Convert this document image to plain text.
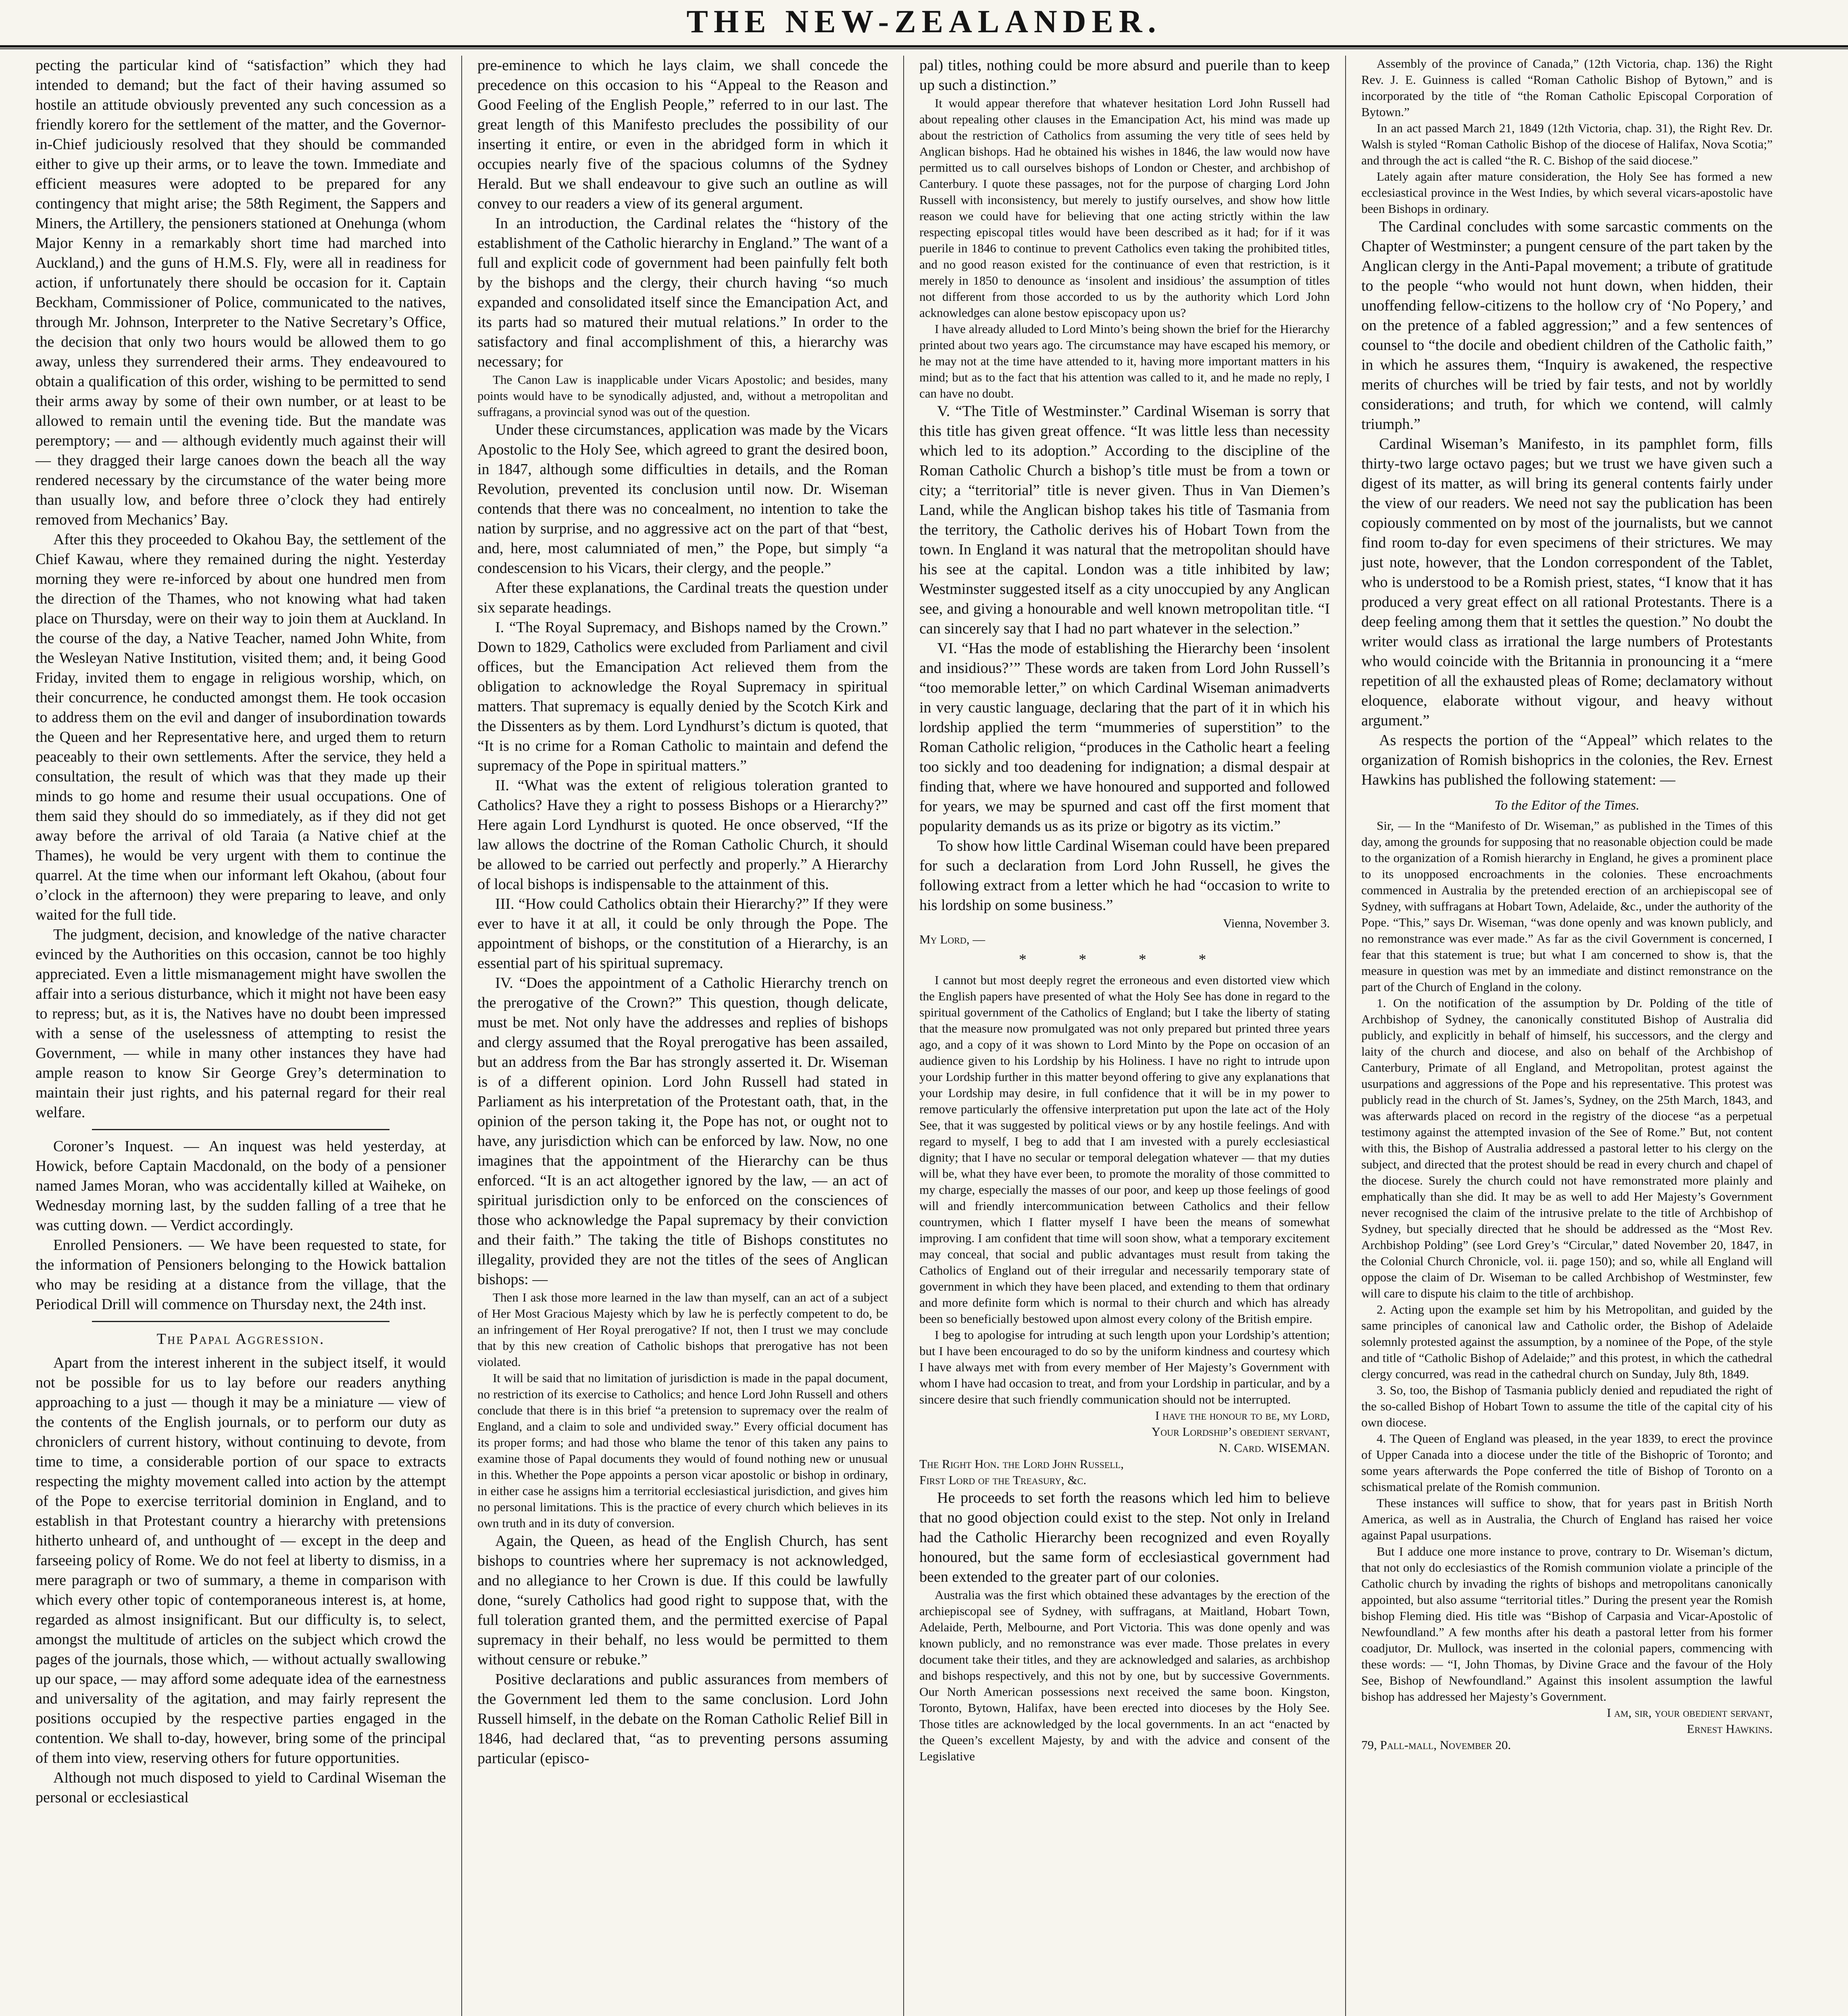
THE NEW-ZEALANDER.

pecting the particular kind of “satisfaction” which they had intended to demand; but the fact of their having assumed so hostile an attitude obviously prevented any such concession as a friendly korero for the settlement of the matter, and the Governor-in-Chief judiciously resolved that they should be commanded either to give up their arms, or to leave the town. Immediate and efficient measures were adopted to be prepared for any contingency that might arise; the 58th Regiment, the Sappers and Miners, the Artillery, the pensioners stationed at Onehunga (whom Major Kenny in a remarkably short time had marched into Auckland,) and the guns of H.M.S. Fly, were all in readiness for action, if unfortunately there should be occasion for it. Captain Beckham, Commissioner of Police, communicated to the natives, through Mr. Johnson, Interpreter to the Native Secretary’s Office, the decision that only two hours would be allowed them to go away, unless they surrendered their arms. They endeavoured to obtain a qualification of this order, wishing to be permitted to send their arms away by some of their own number, or at least to be allowed to remain until the evening tide. But the mandate was peremptory; — and — although evidently much against their will — they dragged their large canoes down the beach all the way rendered necessary by the circumstance of the water being more than usually low, and before three o’clock they had entirely removed from Mechanics’ Bay.

After this they proceeded to Okahou Bay, the settlement of the Chief Kawau, where they remained during the night. Yesterday morning they were re-inforced by about one hundred men from the direction of the Thames, who not knowing what had taken place on Thursday, were on their way to join them at Auckland. In the course of the day, a Native Teacher, named John White, from the Wesleyan Native Institution, visited them; and, it being Good Friday, invited them to engage in religious worship, which, on their concurrence, he conducted amongst them. He took occasion to address them on the evil and danger of insubordination towards the Queen and her Representative here, and urged them to return peaceably to their own settlements. After the service, they held a consultation, the result of which was that they made up their minds to go home and resume their usual occupations. One of them said they should do so immediately, as if they did not get away before the arrival of old Taraia (a Native chief at the Thames), he would be very urgent with them to continue the quarrel. At the time when our informant left Okahou, (about four o’clock in the afternoon) they were preparing to leave, and only waited for the full tide.

The judgment, decision, and knowledge of the native character evinced by the Authorities on this occasion, cannot be too highly appreciated. Even a little mismanagement might have swollen the affair into a serious disturbance, which it might not have been easy to repress; but, as it is, the Natives have no doubt been impressed with a sense of the uselessness of attempting to resist the Government, — while in many other instances they have had ample reason to know Sir George Grey’s determination to maintain their just rights, and his paternal regard for their real welfare.

Coroner’s Inquest. — An inquest was held yesterday, at Howick, before Captain Macdonald, on the body of a pensioner named James Moran, who was accidentally killed at Waiheke, on Wednesday morning last, by the sudden falling of a tree that he was cutting down. — Verdict accordingly.

Enrolled Pensioners. — We have been requested to state, for the information of Pensioners belonging to the Howick battalion who may be residing at a distance from the village, that the Periodical Drill will commence on Thursday next, the 24th inst.

The Papal Aggression.

Apart from the interest inherent in the subject itself, it would not be possible for us to lay before our readers anything approaching to a just — though it may be a miniature — view of the contents of the English journals, or to perform our duty as chroniclers of current history, without continuing to devote, from time to time, a considerable portion of our space to extracts respecting the mighty movement called into action by the attempt of the Pope to exercise territorial dominion in England, and to establish in that Protestant country a hierarchy with pretensions hitherto unheard of, and unthought of — except in the deep and farseeing policy of Rome. We do not feel at liberty to dismiss, in a mere paragraph or two of summary, a theme in comparison with which every other topic of contemporaneous interest is, at home, regarded as almost insignificant. But our difficulty is, to select, amongst the multitude of articles on the subject which crowd the pages of the journals, those which, — without actually swallowing up our space, — may afford some adequate idea of the earnestness and universality of the agitation, and may fairly represent the positions occupied by the respective parties engaged in the contention. We shall to-day, however, bring some of the principal of them into view, reserving others for future opportunities.

Although not much disposed to yield to Cardinal Wiseman the personal or ecclesiastical

pre-eminence to which he lays claim, we shall concede the precedence on this occasion to his “Appeal to the Reason and Good Feeling of the English People,” referred to in our last. The great length of this Manifesto precludes the possibility of our inserting it entire, or even in the abridged form in which it occupies nearly five of the spacious columns of the Sydney Herald. But we shall endeavour to give such an outline as will convey to our readers a view of its general argument.

In an introduction, the Cardinal relates the “history of the establishment of the Catholic hierarchy in England.” The want of a full and explicit code of government had been painfully felt both by the bishops and the clergy, their church having “so much expanded and consolidated itself since the Emancipation Act, and its parts had so matured their mutual relations.” In order to the satisfactory and final accomplishment of this, a hierarchy was necessary; for

The Canon Law is inapplicable under Vicars Apostolic; and besides, many points would have to be synodically adjusted, and, without a metropolitan and suffragans, a provincial synod was out of the question.

Under these circumstances, application was made by the Vicars Apostolic to the Holy See, which agreed to grant the desired boon, in 1847, although some difficulties in details, and the Roman Revolution, prevented its conclusion until now. Dr. Wiseman contends that there was no concealment, no intention to take the nation by surprise, and no aggressive act on the part of that “best, and, here, most calumniated of men,” the Pope, but simply “a condescension to his Vicars, their clergy, and the people.”

After these explanations, the Cardinal treats the question under six separate headings.

I. “The Royal Supremacy, and Bishops named by the Crown.” Down to 1829, Catholics were excluded from Parliament and civil offices, but the Emancipation Act relieved them from the obligation to acknowledge the Royal Supremacy in spiritual matters. That supremacy is equally denied by the Scotch Kirk and the Dissenters as by them. Lord Lyndhurst’s dictum is quoted, that “It is no crime for a Roman Catholic to maintain and defend the supremacy of the Pope in spiritual matters.”

II. “What was the extent of religious toleration granted to Catholics? Have they a right to possess Bishops or a Hierarchy?” Here again Lord Lyndhurst is quoted. He once observed, “If the law allows the doctrine of the Roman Catholic Church, it should be allowed to be carried out perfectly and properly.” A Hierarchy of local bishops is indispensable to the attainment of this.

III. “How could Catholics obtain their Hierarchy?” If they were ever to have it at all, it could be only through the Pope. The appointment of bishops, or the constitution of a Hierarchy, is an essential part of his spiritual supremacy.

IV. “Does the appointment of a Catholic Hierarchy trench on the prerogative of the Crown?” This question, though delicate, must be met. Not only have the addresses and replies of bishops and clergy assumed that the Royal prerogative has been assailed, but an address from the Bar has strongly asserted it. Dr. Wiseman is of a different opinion. Lord John Russell had stated in Parliament as his interpretation of the Protestant oath, that, in the opinion of the person taking it, the Pope has not, or ought not to have, any jurisdiction which can be enforced by law. Now, no one imagines that the appointment of the Hierarchy can be thus enforced. “It is an act altogether ignored by the law, — an act of spiritual jurisdiction only to be enforced on the consciences of those who acknowledge the Papal supremacy by their conviction and their faith.” The taking the title of Bishops constitutes no illegality, provided they are not the titles of the sees of Anglican bishops: —

Then I ask those more learned in the law than myself, can an act of a subject of Her Most Gracious Majesty which by law he is perfectly competent to do, be an infringement of Her Royal prerogative? If not, then I trust we may conclude that by this new creation of Catholic bishops that prerogative has not been violated.

It will be said that no limitation of jurisdiction is made in the papal document, no restriction of its exercise to Catholics; and hence Lord John Russell and others conclude that there is in this brief “a pretension to supremacy over the realm of England, and a claim to sole and undivided sway.” Every official document has its proper forms; and had those who blame the tenor of this taken any pains to examine those of Papal documents they would of found nothing new or unusual in this. Whether the Pope appoints a person vicar apostolic or bishop in ordinary, in either case he assigns him a territorial ecclesiastical jurisdiction, and gives him no personal limitations. This is the practice of every church which believes in its own truth and in its duty of conversion.

Again, the Queen, as head of the English Church, has sent bishops to countries where her supremacy is not acknowledged, and no allegiance to her Crown is due. If this could be lawfully done, “surely Catholics had good right to suppose that, with the full toleration granted them, and the permitted exercise of Papal supremacy in their behalf, no less would be permitted to them without censure or rebuke.”

Positive declarations and public assurances from members of the Government led them to the same conclusion. Lord John Russell himself, in the debate on the Roman Catholic Relief Bill in 1846, had declared that, “as to preventing persons assuming particular (episco-

pal) titles, nothing could be more absurd and puerile than to keep up such a distinction.”

It would appear therefore that whatever hesitation Lord John Russell had about repealing other clauses in the Emancipation Act, his mind was made up about the restriction of Catholics from assuming the very title of sees held by Anglican bishops. Had he obtained his wishes in 1846, the law would now have permitted us to call ourselves bishops of London or Chester, and archbishop of Canterbury. I quote these passages, not for the purpose of charging Lord John Russell with inconsistency, but merely to justify ourselves, and show how little reason we could have for believing that one acting strictly within the law respecting episcopal titles would have been described as it had; for if it was puerile in 1846 to continue to prevent Catholics even taking the prohibited titles, and no good reason existed for the continuance of even that restriction, is it merely in 1850 to denounce as ‘insolent and insidious’ the assumption of titles not different from those accorded to us by the authority which Lord John acknowledges can alone bestow episcopacy upon us?

I have already alluded to Lord Minto’s being shown the brief for the Hierarchy printed about two years ago. The circumstance may have escaped his memory, or he may not at the time have attended to it, having more important matters in his mind; but as to the fact that his attention was called to it, and he made no reply, I can have no doubt.

V. “The Title of Westminster.” Cardinal Wiseman is sorry that this title has given great offence. “It was little less than necessity which led to its adoption.” According to the discipline of the Roman Catholic Church a bishop’s title must be from a town or city; a “territorial” title is never given. Thus in Van Diemen’s Land, while the Anglican bishop takes his title of Tasmania from the territory, the Catholic derives his of Hobart Town from the town. In England it was natural that the metropolitan should have his see at the capital. London was a title inhibited by law; Westminster suggested itself as a city unoccupied by any Anglican see, and giving a honourable and well known metropolitan title. “I can sincerely say that I had no part whatever in the selection.”

VI. “Has the mode of establishing the Hierarchy been ‘insolent and insidious?’” These words are taken from Lord John Russell’s “too memorable letter,” on which Cardinal Wiseman animadverts in very caustic language, declaring that the part of it in which his lordship applied the term “mummeries of superstition” to the Roman Catholic religion, “produces in the Catholic heart a feeling too sickly and too deadening for indignation; a dismal despair at finding that, where we have honoured and supported and followed for years, we may be spurned and cast off the first moment that popularity demands us as its prize or bigotry as its victim.”

To show how little Cardinal Wiseman could have been prepared for such a declaration from Lord John Russell, he gives the following extract from a letter which he had “occasion to write to his lordship on some business.”

Vienna, November 3.
My Lord, —
* * * *

I cannot but most deeply regret the erroneous and even distorted view which the English papers have presented of what the Holy See has done in regard to the spiritual government of the Catholics of England; but I take the liberty of stating that the measure now promulgated was not only prepared but printed three years ago, and a copy of it was shown to Lord Minto by the Pope on occasion of an audience given to his Lordship by his Holiness. I have no right to intrude upon your Lordship further in this matter beyond offering to give any explanations that your Lordship may desire, in full confidence that it will be in my power to remove particularly the offensive interpretation put upon the late act of the Holy See, that it was suggested by political views or by any hostile feelings. And with regard to myself, I beg to add that I am invested with a purely ecclesiastical dignity; that I have no secular or temporal delegation whatever — that my duties will be, what they have ever been, to promote the morality of those committed to my charge, especially the masses of our poor, and keep up those feelings of good will and friendly intercommunication between Catholics and their fellow countrymen, which I flatter myself I have been the means of somewhat improving. I am confident that time will soon show, what a temporary excitement may conceal, that social and public advantages must result from taking the Catholics of England out of their irregular and necessarily temporary state of government in which they have been placed, and extending to them that ordinary and more definite form which is normal to their church and which has already been so beneficially bestowed upon almost every colony of the British empire.

I beg to apologise for intruding at such length upon your Lordship’s attention; but I have been encouraged to do so by the uniform kindness and courtesy which I have always met with from every member of Her Majesty’s Government with whom I have had occasion to treat, and from your Lordship in particular, and by a sincere desire that such friendly communication should not be interrupted.

I have the honour to be, my Lord,
Your Lordship’s obedient servant,
N. Card. WISEMAN.
The Right Hon. the Lord John Russell,
First Lord of the Treasury, &c.

He proceeds to set forth the reasons which led him to believe that no good objection could exist to the step. Not only in Ireland had the Catholic Hierarchy been recognized and even Royally honoured, but the same form of ecclesiastical government had been extended to the greater part of our colonies.

Australia was the first which obtained these advantages by the erection of the archiepiscopal see of Sydney, with suffragans, at Maitland, Hobart Town, Adelaide, Perth, Melbourne, and Port Victoria. This was done openly and was known publicly, and no remonstrance was ever made. Those prelates in every document take their titles, and they are acknowledged and salaries, as archbishop and bishops respectively, and this not by one, but by successive Governments. Our North American possessions next received the same boon. Kingston, Toronto, Bytown, Halifax, have been erected into dioceses by the Holy See. Those titles are acknowledged by the local governments. In an act “enacted by the Queen’s excellent Majesty, by and with the advice and consent of the Legislative

Assembly of the province of Canada,” (12th Victoria, chap. 136) the Right Rev. J. E. Guinness is called “Roman Catholic Bishop of Bytown,” and is incorporated by the title of “the Roman Catholic Episcopal Corporation of Bytown.”

In an act passed March 21, 1849 (12th Victoria, chap. 31), the Right Rev. Dr. Walsh is styled “Roman Catholic Bishop of the diocese of Halifax, Nova Scotia;” and through the act is called “the R. C. Bishop of the said diocese.”

Lately again after mature consideration, the Holy See has formed a new ecclesiastical province in the West Indies, by which several vicars-apostolic have been Bishops in ordinary.

The Cardinal concludes with some sarcastic comments on the Chapter of Westminster; a pungent censure of the part taken by the Anglican clergy in the Anti-Papal movement; a tribute of gratitude to the people “who would not hunt down, when hidden, their unoffending fellow-citizens to the hollow cry of ‘No Popery,’ and on the pretence of a fabled aggression;” and a few sentences of counsel to “the docile and obedient children of the Catholic faith,” in which he assures them, “Inquiry is awakened, the respective merits of churches will be tried by fair tests, and not by worldly considerations; and truth, for which we contend, will calmly triumph.”

Cardinal Wiseman’s Manifesto, in its pamphlet form, fills thirty-two large octavo pages; but we trust we have given such a digest of its matter, as will bring its general contents fairly under the view of our readers. We need not say the publication has been copiously commented on by most of the journalists, but we cannot find room to-day for even specimens of their strictures. We may just note, however, that the London correspondent of the Tablet, who is understood to be a Romish priest, states, “I know that it has produced a very great effect on all rational Protestants. There is a deep feeling among them that it settles the question.” No doubt the writer would class as irrational the large numbers of Protestants who would coincide with the Britannia in pronouncing it a “mere repetition of all the exhausted pleas of Rome; declamatory without eloquence, elaborate without vigour, and heavy without argument.”

As respects the portion of the “Appeal” which relates to the organization of Romish bishoprics in the colonies, the Rev. Ernest Hawkins has published the following statement: —

To the Editor of the Times.

Sir, — In the “Manifesto of Dr. Wiseman,” as published in the Times of this day, among the grounds for supposing that no reasonable objection could be made to the organization of a Romish hierarchy in England, he gives a prominent place to its unopposed encroachments in the colonies. These encroachments commenced in Australia by the pretended erection of an archiepiscopal see of Sydney, with suffragans at Hobart Town, Adelaide, &c., under the authority of the Pope. “This,” says Dr. Wiseman, “was done openly and was known publicly, and no remonstrance was ever made.” As far as the civil Government is concerned, I fear that this statement is true; but what I am concerned to show is, that the measure in question was met by an immediate and distinct remonstrance on the part of the Church of England in the colony.

1. On the notification of the assumption by Dr. Polding of the title of Archbishop of Sydney, the canonically constituted Bishop of Australia did publicly, and explicitly in behalf of himself, his successors, and the clergy and laity of the church and diocese, and also on behalf of the Archbishop of Canterbury, Primate of all England, and Metropolitan, protest against the usurpations and aggressions of the Pope and his representative. This protest was publicly read in the church of St. James’s, Sydney, on the 25th March, 1843, and was afterwards placed on record in the registry of the diocese “as a perpetual testimony against the attempted invasion of the See of Rome.” But, not content with this, the Bishop of Australia addressed a pastoral letter to his clergy on the subject, and directed that the protest should be read in every church and chapel of the diocese. Surely the church could not have remonstrated more plainly and emphatically than she did. It may be as well to add Her Majesty’s Government never recognised the claim of the intrusive prelate to the title of Archbishop of Sydney, but specially directed that he should be addressed as the “Most Rev. Archbishop Polding” (see Lord Grey’s “Circular,” dated November 20, 1847, in the Colonial Church Chronicle, vol. ii. page 150); and so, while all England will oppose the claim of Dr. Wiseman to be called Archbishop of Westminster, few will care to dispute his claim to the title of archbishop.

2. Acting upon the example set him by his Metropolitan, and guided by the same principles of canonical law and Catholic order, the Bishop of Adelaide solemnly protested against the assumption, by a nominee of the Pope, of the style and title of “Catholic Bishop of Adelaide;” and this protest, in which the cathedral clergy concurred, was read in the cathedral church on Sunday, July 8th, 1849.

3. So, too, the Bishop of Tasmania publicly denied and repudiated the right of the so-called Bishop of Hobart Town to assume the title of the capital city of his own diocese.

4. The Queen of England was pleased, in the year 1839, to erect the province of Upper Canada into a diocese under the title of the Bishopric of Toronto; and some years afterwards the Pope conferred the title of Bishop of Toronto on a schismatical prelate of the Romish communion.

These instances will suffice to show, that for years past in British North America, as well as in Australia, the Church of England has raised her voice against Papal usurpations.

But I adduce one more instance to prove, contrary to Dr. Wiseman’s dictum, that not only do ecclesiastics of the Romish communion violate a principle of the Catholic church by invading the rights of bishops and metropolitans canonically appointed, but also assume “territorial titles.” During the present year the Romish bishop Fleming died. His title was “Bishop of Carpasia and Vicar-Apostolic of Newfoundland.” A few months after his death a pastoral letter from his former coadjutor, Dr. Mullock, was inserted in the colonial papers, commencing with these words: — “I, John Thomas, by Divine Grace and the favour of the Holy See, Bishop of Newfoundland.” Against this insolent assumption the lawful bishop has addressed her Majesty’s Government.

I am, sir, your obedient servant,
Ernest Hawkins.
79, Pall-mall, November 20.
